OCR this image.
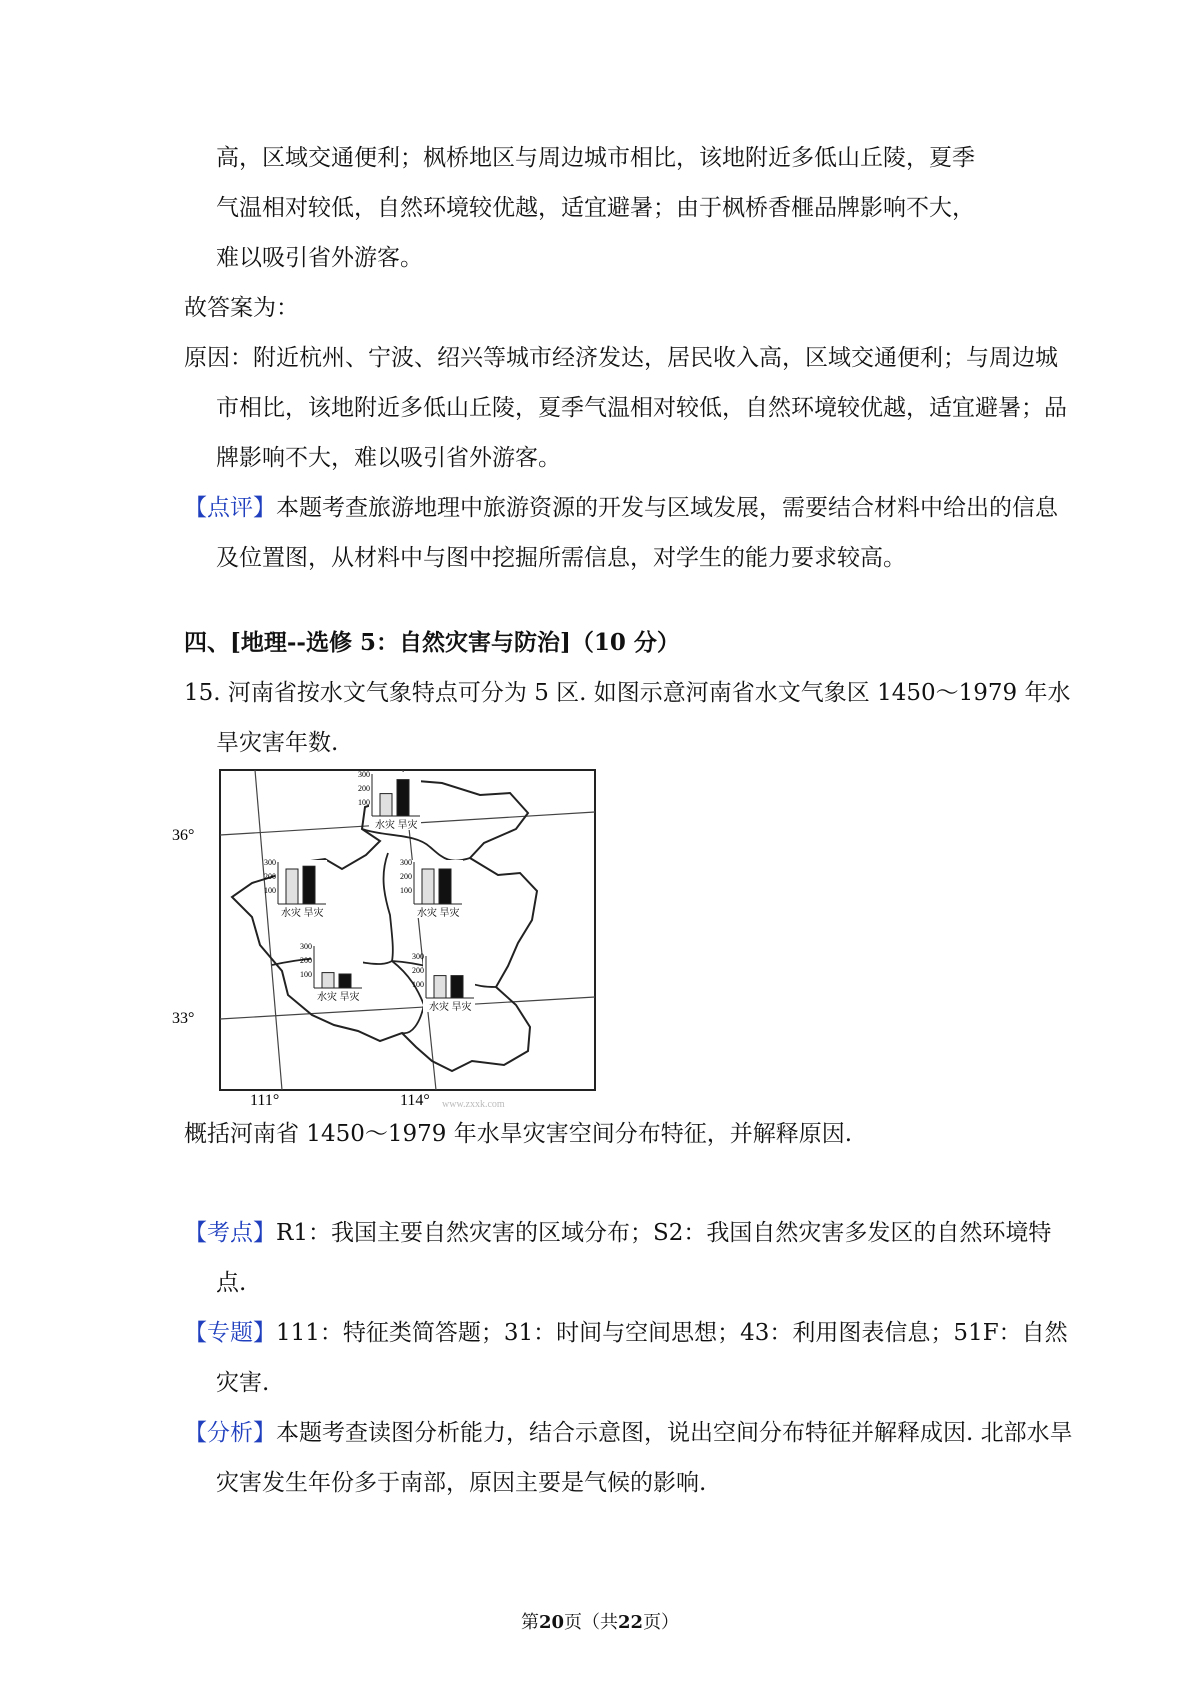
高，区域交通便利；枫桥地区与周边城市相比，该地附近多低山丘陵，夏季
气温相对较低，自然环境较优越，适宜避暑；由于枫桥香榧品牌影响不大，
难以吸引省外游客。
故答案为：
原因：附近杭州、宁波、绍兴等城市经济发达，居民收入高，区域交通便利；与周边城市相比，该地附近多低山丘陵，夏季气温相对较低，自然环境较优越，适宜避暑；品牌影响不大，难以吸引省外游客。
【点评】本题考查旅游地理中旅游资源的开发与区域发展，需要结合材料中给出的信息及位置图，从材料中与图中挖掘所需信息，对学生的能力要求较高。
四、[地理--选修 5：自然灾害与防治]（10 分）
15. 河南省按水文气象特点可分为 5 区. 如图示意河南省水文气象区 1450～1979 年水旱灾害年数.
300
200
100
水灾 旱灾
300
200
100
水灾 旱灾
300
200
100
水灾 旱灾
300
200
100
水灾 旱灾
300
200
100
水灾 旱灾
36°
33°
111°	114° www.zxxk.com
概括河南省 1450～1979 年水旱灾害空间分布特征，并解释原因.
【考点】R1：我国主要自然灾害的区域分布；S2：我国自然灾害多发区的自然环境特点.
【专题】111：特征类简答题；31：时间与空间思想；43：利用图表信息；51F：自然灾害.
【分析】本题考查读图分析能力，结合示意图，说出空间分布特征并解释成因. 北部水旱灾害发生年份多于南部，原因主要是气候的影响.
第20页（共22页）
